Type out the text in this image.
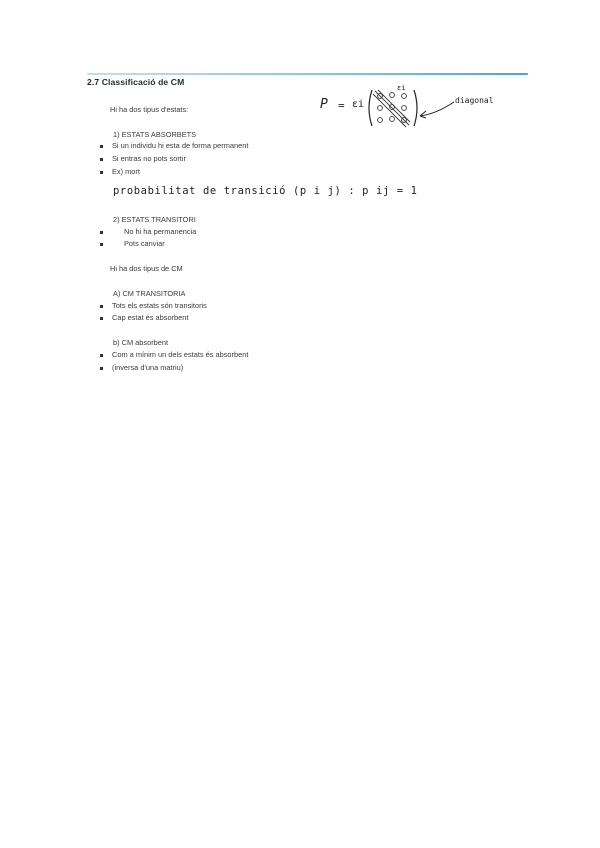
2.7 Classificació de CM
Hi ha dos tipus d'estats:	P = εi
εi
diagonal
1) ESTATS ABSORBETS
Si un individu hi esta de forma permanent
Si entras no pots sortir
Ex) mort
probabilitat de transició (p i j) : p ij = 1
2) ESTATS TRANSITORI
No hi ha permanencia
Pots canviar
Hi ha dos tipus de CM
A) CM TRANSITORIA
Tots els estats són transitoris
Cap estat és absorbent
b) CM absorbent
Com a mínim un dels estats és absorbent
(inversa d'una matriu)
